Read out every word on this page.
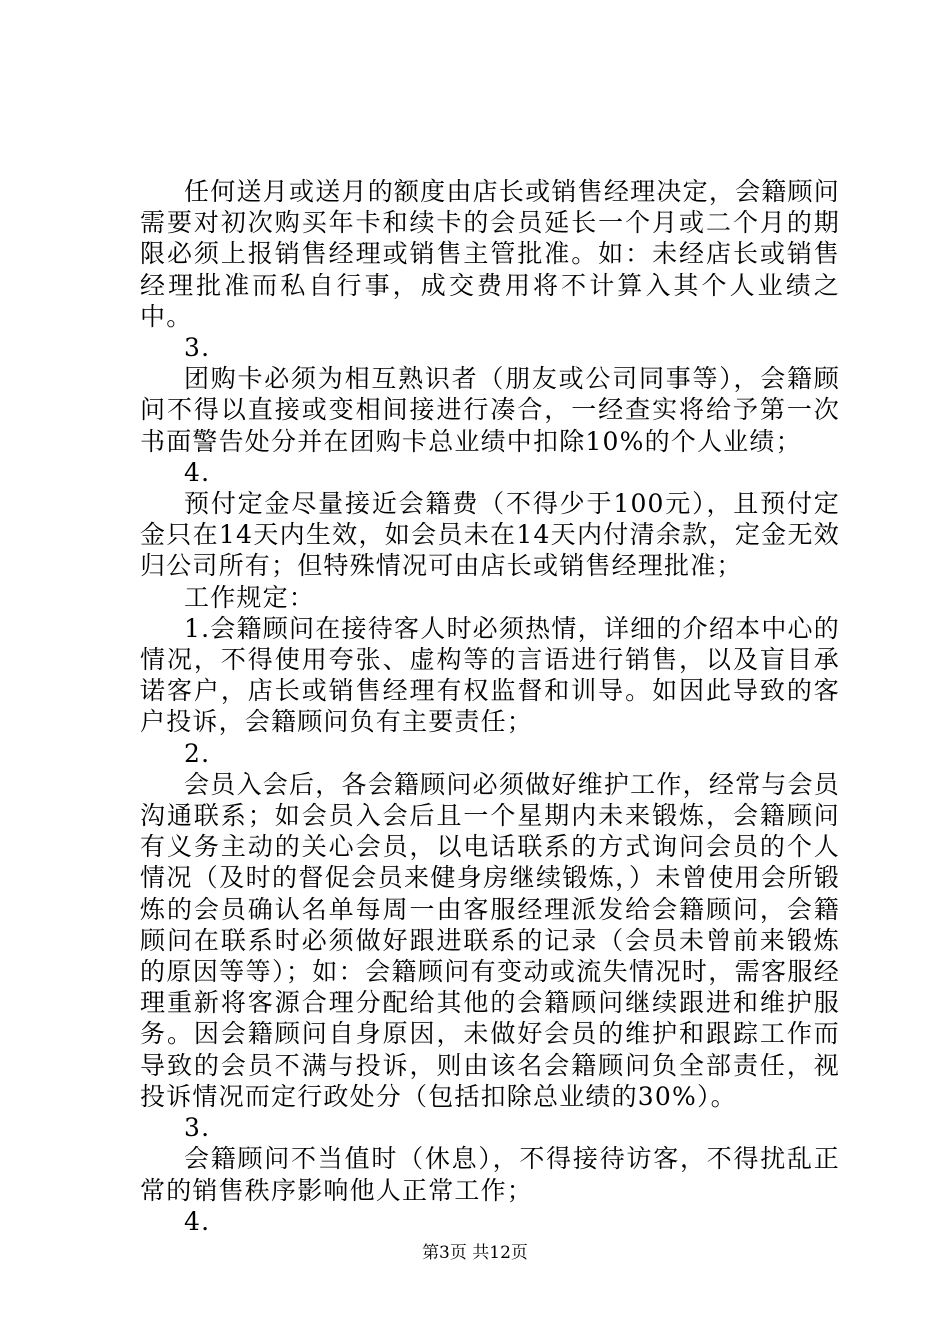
任何送月或送月的额度由店长或销售经理决定，会籍顾问需要对初次购买年卡和续卡的会员延长一个月或二个月的期限必须上报销售经理或销售主管批准。如：未经店长或销售经理批准而私自行事，成交费用将不计算入其个人业绩之中。

3.

团购卡必须为相互熟识者（朋友或公司同事等），会籍顾问不得以直接或变相间接进行凑合，一经查实将给予第一次书面警告处分并在团购卡总业绩中扣除10%的个人业绩；

4.

预付定金尽量接近会籍费（不得少于100元），且预付定金只在14天内生效，如会员未在14天内付清余款，定金无效归公司所有；但特殊情况可由店长或销售经理批准；

工作规定：

1.会籍顾问在接待客人时必须热情，详细的介绍本中心的情况，不得使用夸张、虚构等的言语进行销售，以及盲目承诺客户，店长或销售经理有权监督和训导。如因此导致的客户投诉，会籍顾问负有主要责任；

2.

会员入会后，各会籍顾问必须做好维护工作，经常与会员沟通联系；如会员入会后且一个星期内未来锻炼，会籍顾问有义务主动的关心会员，以电话联系的方式询问会员的个人情况（及时的督促会员来健身房继续锻炼，）未曾使用会所锻炼的会员确认名单每周一由客服经理派发给会籍顾问，会籍顾问在联系时必须做好跟进联系的记录（会员未曾前来锻炼的原因等等）；如：会籍顾问有变动或流失情况时，需客服经理重新将客源合理分配给其他的会籍顾问继续跟进和维护服务。因会籍顾问自身原因，未做好会员的维护和跟踪工作而导致的会员不满与投诉，则由该名会籍顾问负全部责任，视投诉情况而定行政处分（包括扣除总业绩的30%）。

3.

会籍顾问不当值时（休息），不得接待访客，不得扰乱正常的销售秩序影响他人正常工作；

4.

第3页 共12页
